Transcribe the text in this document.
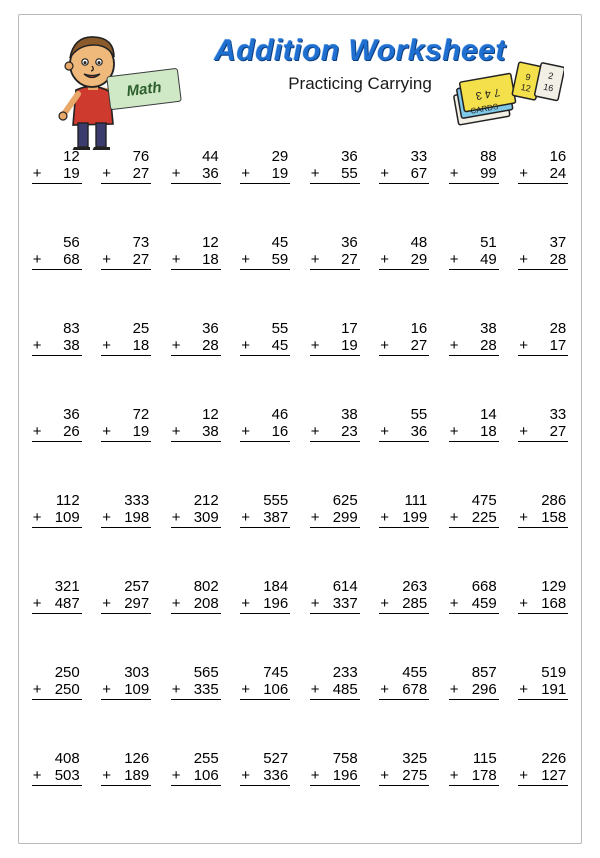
Math
Addition Worksheet
Practicing Carrying
7 4 3
CARDS
9
12
2
16
12
+ 19
76
+ 27
44
+ 36
29
+ 19
36
+ 55
33
+ 67
88
+ 99
16
+ 24
56
+ 68
73
+ 27
12
+ 18
45
+ 59
36
+ 27
48
+ 29
51
+ 49
37
+ 28
83
+ 38
25
+ 18
36
+ 28
55
+ 45
17
+ 19
16
+ 27
38
+ 28
28
+ 17
36
+ 26
72
+ 19
12
+ 38
46
+ 16
38
+ 23
55
+ 36
14
+ 18
33
+ 27
112
+ 109
333
+ 198
212
+ 309
555
+ 387
625
+ 299
111
+ 199
475
+ 225
286
+ 158
321
+ 487
257
+ 297
802
+ 208
184
+ 196
614
+ 337
263
+ 285
668
+ 459
129
+ 168
250
+ 250
303
+ 109
565
+ 335
745
+ 106
233
+ 485
455
+ 678
857
+ 296
519
+ 191
408
+ 503
126
+ 189
255
+ 106
527
+ 336
758
+ 196
325
+ 275
115
+ 178
226
+ 127
